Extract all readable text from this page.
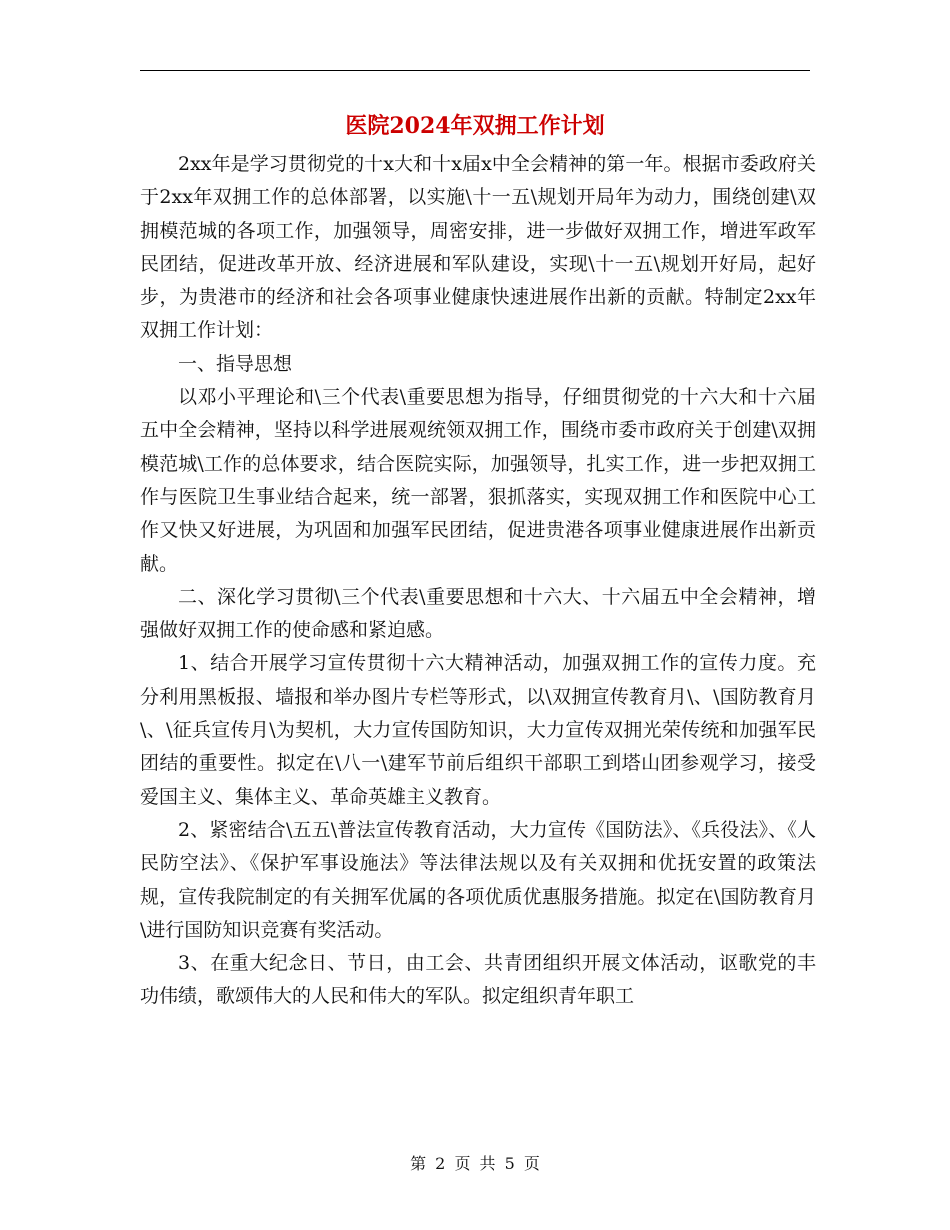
医院2024年双拥工作计划

2xx年是学习贯彻党的十x大和十x届x中全会精神的第一年。根据市委政府关于2xx年双拥工作的总体部署，以实施\十一五\规划开局年为动力，围绕创建\双拥模范城的各项工作，加强领导，周密安排，进一步做好双拥工作，增进军政军民团结，促进改革开放、经济进展和军队建设，实现\十一五\规划开好局，起好步，为贵港市的经济和社会各项事业健康快速进展作出新的贡献。特制定2xx年双拥工作计划：

一、指导思想

以邓小平理论和\三个代表\重要思想为指导，仔细贯彻党的十六大和十六届五中全会精神，坚持以科学进展观统领双拥工作，围绕市委市政府关于创建\双拥模范城\工作的总体要求，结合医院实际，加强领导，扎实工作，进一步把双拥工作与医院卫生事业结合起来，统一部署，狠抓落实，实现双拥工作和医院中心工作又快又好进展，为巩固和加强军民团结，促进贵港各项事业健康进展作出新贡献。

二、深化学习贯彻\三个代表\重要思想和十六大、十六届五中全会精神，增强做好双拥工作的使命感和紧迫感。

1、结合开展学习宣传贯彻十六大精神活动，加强双拥工作的宣传力度。充分利用黑板报、墙报和举办图片专栏等形式，以\双拥宣传教育月\、\国防教育月\、\征兵宣传月\为契机，大力宣传国防知识，大力宣传双拥光荣传统和加强军民团结的重要性。拟定在\八一\建军节前后组织干部职工到塔山团参观学习，接受爱国主义、集体主义、革命英雄主义教育。

2、紧密结合\五五\普法宣传教育活动，大力宣传《国防法》、《兵役法》、《人民防空法》、《保护军事设施法》等法律法规以及有关双拥和优抚安置的政策法规，宣传我院制定的有关拥军优属的各项优质优惠服务措施。拟定在\国防教育月\进行国防知识竞赛有奖活动。

3、在重大纪念日、节日，由工会、共青团组织开展文体活动，讴歌党的丰功伟绩，歌颂伟大的人民和伟大的军队。拟定组织青年职工

第 2 页 共 5 页
